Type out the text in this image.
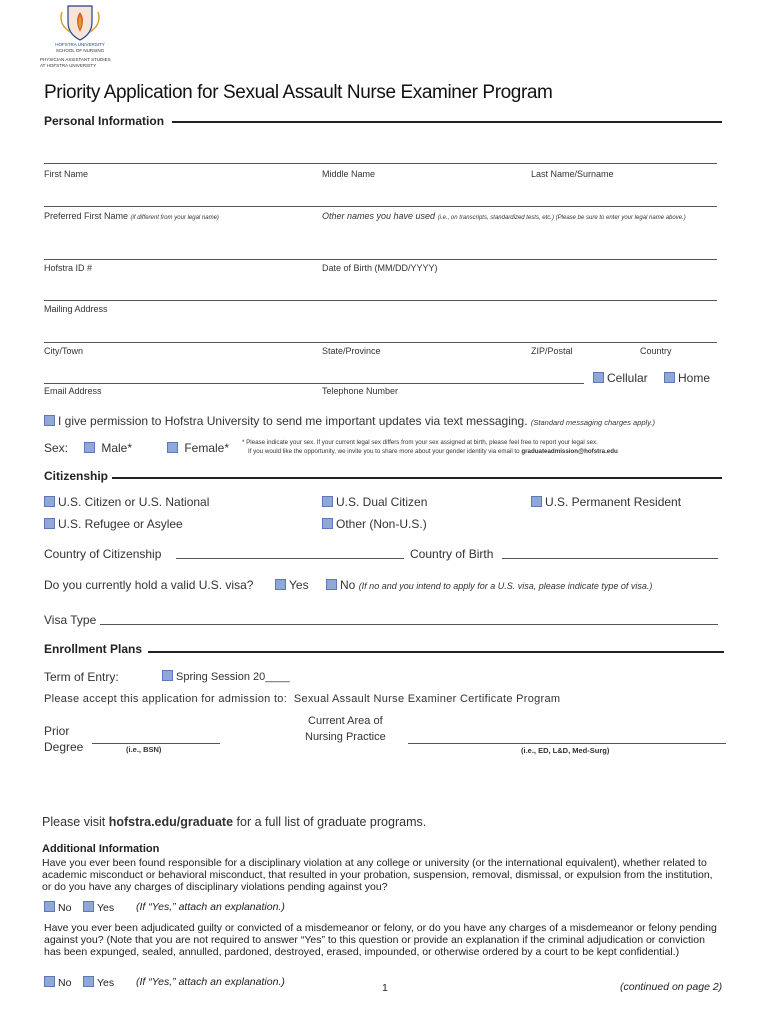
HOFSTRA UNIVERSITY
SCHOOL OF NURSING
PHYSICIAN ASSISTANT STUDIES
AT HOFSTRA UNIVERSITY
Priority Application for Sexual Assault Nurse Examiner Program
Personal Information
First Name	Middle Name	Last Name/Surname
Preferred First Name (if different from your legal name)	Other names you have used (i.e., on transcripts, standardized tests, etc.) (Please be sure to enter your legal name above.)
Hofstra ID #	Date of Birth (MM/DD/YYYY)
Mailing Address
City/Town	State/Province	ZIP/Postal	Country
Cellular	Home
Email Address	Telephone Number
I give permission to Hofstra University to send me important updates via text messaging. (Standard messaging charges apply.)
Sex:	Male*	Female* * Please indicate your sex. If your current legal sex differs from your sex assigned at birth, please feel free to report your legal sex.
If you would like the opportunity, we invite you to share more about your gender identity via email to graduateadmission@hofstra.edu
Citizenship
U.S. Citizen or U.S. National	U.S. Dual Citizen	U.S. Permanent Resident
U.S. Refugee or Asylee	Other (Non-U.S.)
Country of Citizenship	Country of Birth
Do you currently hold a valid U.S. visa?	Yes	No (If no and you intend to apply for a U.S. visa, please indicate type of visa.)
Visa Type
Enrollment Plans
Term of Entry:	Spring Session 20____
Please accept this application for admission to: Sexual Assault Nurse Examiner Certificate Program
Prior
Degree	(i.e., BSN)
Current Area of
Nursing Practice
(i.e., ED, L&D, Med-Surg)
Please visit hofstra.edu/graduate for a full list of graduate programs.
Additional Information
Have you ever been found responsible for a disciplinary violation at any college or university (or the international equivalent), whether related to academic misconduct or behavioral misconduct, that resulted in your probation, suspension, removal, dismissal, or expulsion from the institution, or do you have any charges of disciplinary violations pending against you?
No	Yes (If “Yes,” attach an explanation.)
Have you ever been adjudicated guilty or convicted of a misdemeanor or felony, or do you have any charges of a misdemeanor or felony pending against you? (Note that you are not required to answer “Yes” to this question or provide an explanation if the criminal adjudication or conviction has been expunged, sealed, annulled, pardoned, destroyed, erased, impounded, or otherwise ordered by a court to be kept confidential.)
No	Yes (If “Yes,” attach an explanation.)	1	(continued on page 2)
